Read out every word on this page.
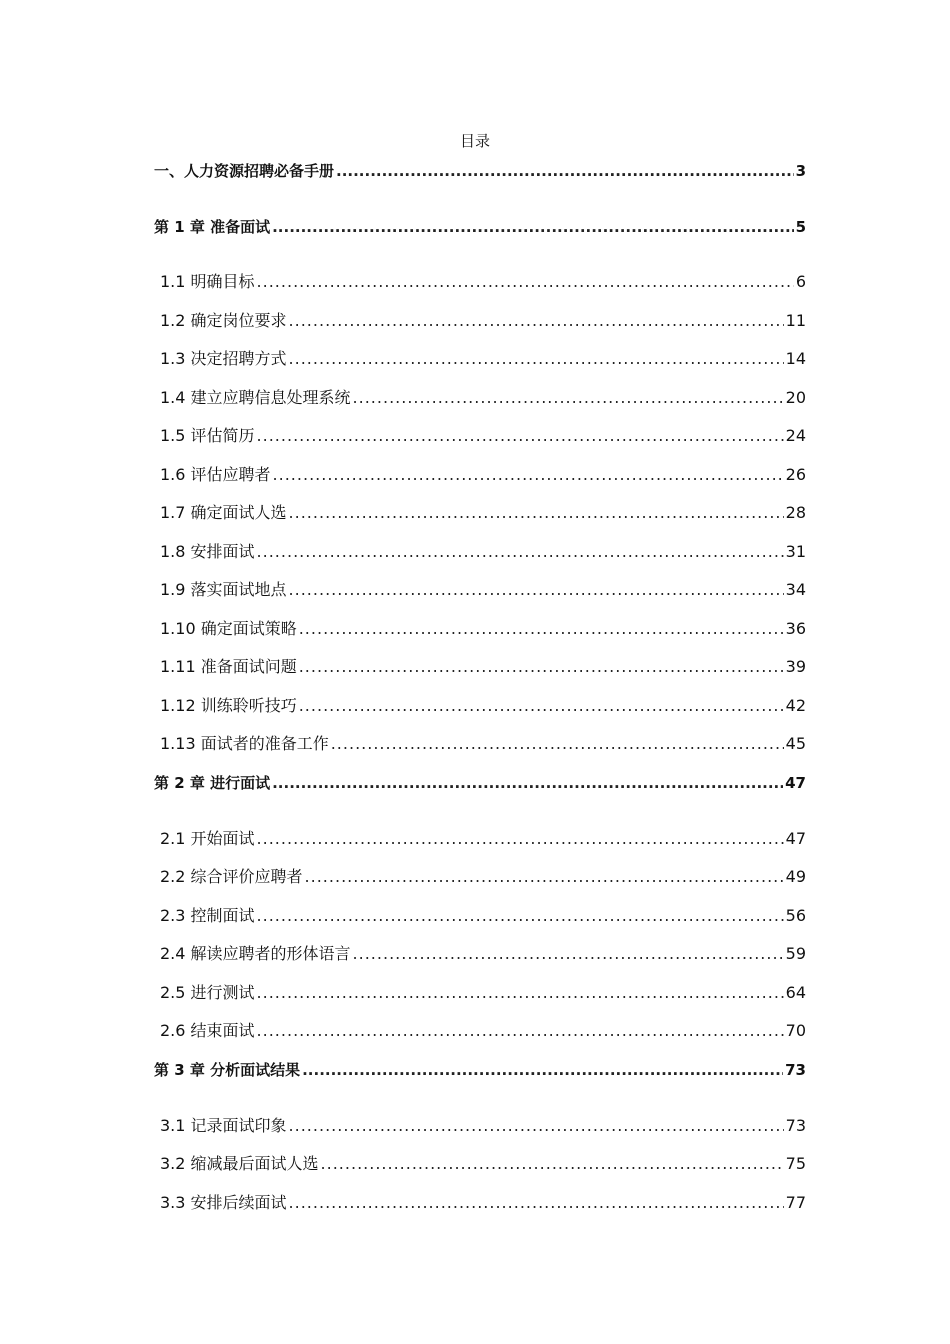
目录
一、人力资源招聘必备手册 .....	3
第 1 章 准备面试 .....	5
1.1 明确目标 .....	6
1.2 确定岗位要求 .....	11
1.3 决定招聘方式 .....	14
1.4 建立应聘信息处理系统 .....	20
1.5 评估简历 .....	24
1.6 评估应聘者 .....	26
1.7 确定面试人选 .....	28
1.8 安排面试 .....	31
1.9 落实面试地点 .....	34
1.10 确定面试策略 .....	36
1.11 准备面试问题 .....	39
1.12 训练聆听技巧 .....	42
1.13 面试者的准备工作 .....	45
第 2 章 进行面试 .....	47
2.1 开始面试 .....	47
2.2 综合评价应聘者 .....	49
2.3 控制面试 .....	56
2.4 解读应聘者的形体语言 .....	59
2.5 进行测试 .....	64
2.6 结束面试 .....	70
第 3 章 分析面试结果 .....	73
3.1 记录面试印象 .....	73
3.2 缩减最后面试人选 .....	75
3.3 安排后续面试 .....	77
